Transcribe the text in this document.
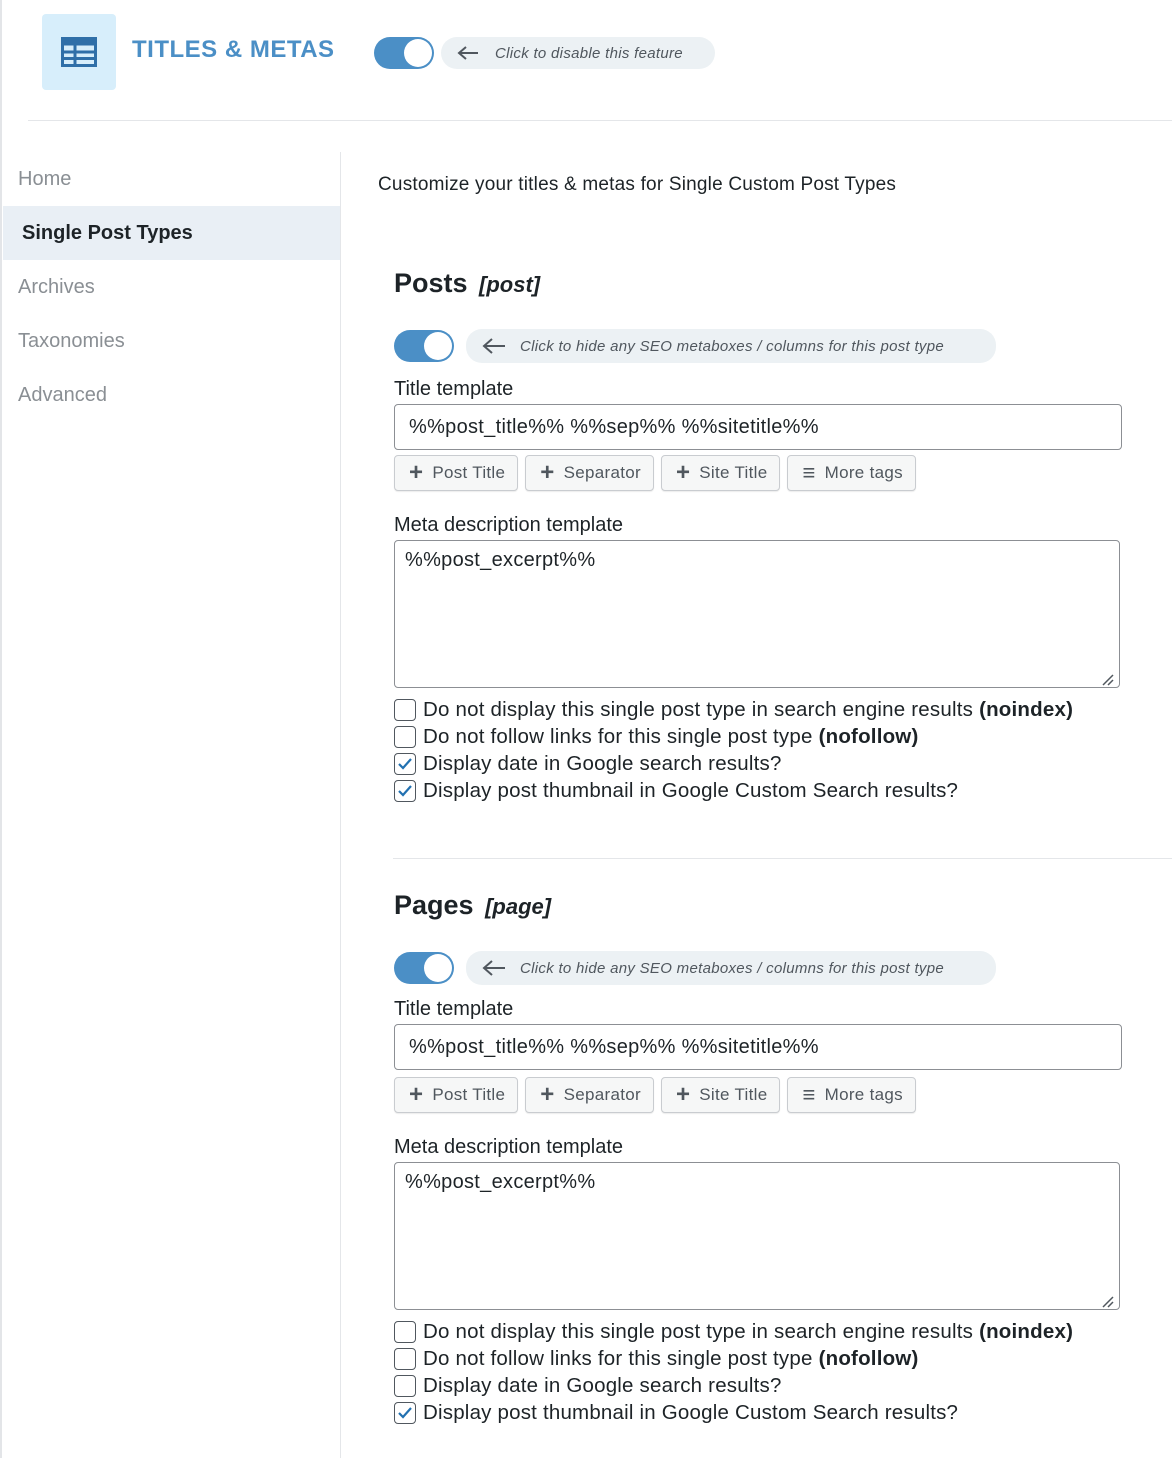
TITLES & METAS	Click to disable this feature
Home
Single Post Types
Archives
Taxonomies
Advanced
Customize your titles & metas for Single Custom Post Types
Posts [post]
Click to hide any SEO metaboxes / columns for this post type
Title template
%%post_title%% %%sep%% %%sitetitle%%
+ Post Title + Separator + Site Title ≡ More tags
Meta description template
%%post_excerpt%%
Do not display this single post type in search engine results (noindex)
Do not follow links for this single post type (nofollow)
Display date in Google search results?
Display post thumbnail in Google Custom Search results?
Pages [page]
Click to hide any SEO metaboxes / columns for this post type
Title template
%%post_title%% %%sep%% %%sitetitle%%
+ Post Title + Separator + Site Title ≡ More tags
Meta description template
%%post_excerpt%%
Do not display this single post type in search engine results (noindex)
Do not follow links for this single post type (nofollow)
Display date in Google search results?
Display post thumbnail in Google Custom Search results?
